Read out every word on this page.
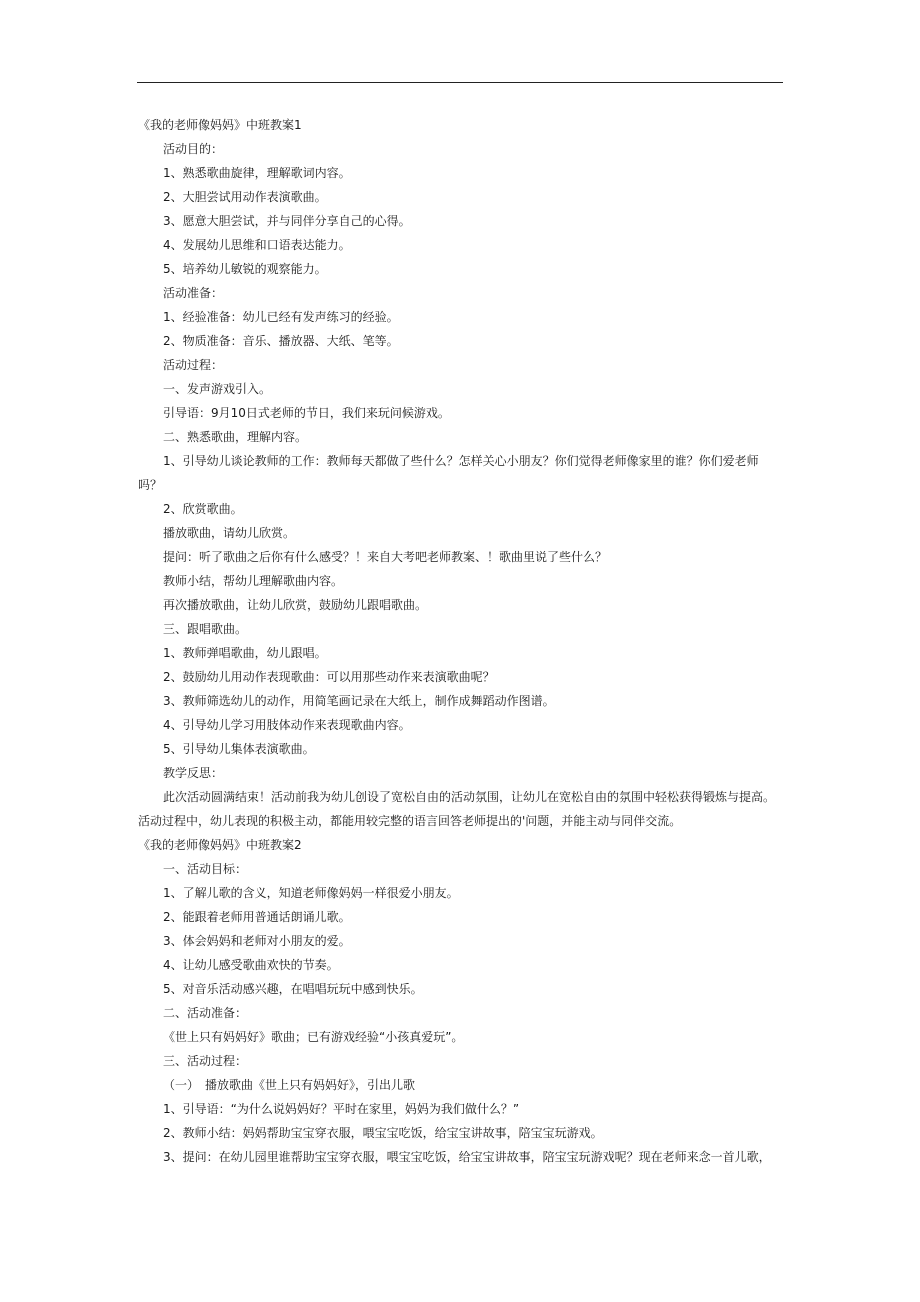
《我的老师像妈妈》中班教案1
活动目的：
1、熟悉歌曲旋律，理解歌词内容。
2、大胆尝试用动作表演歌曲。
3、愿意大胆尝试，并与同伴分享自己的心得。
4、发展幼儿思维和口语表达能力。
5、培养幼儿敏锐的观察能力。
活动准备：
1、经验准备：幼儿已经有发声练习的经验。
2、物质准备：音乐、播放器、大纸、笔等。
活动过程：
一、发声游戏引入。
引导语：9月10日式老师的节日，我们来玩问候游戏。
二、熟悉歌曲，理解内容。
1、引导幼儿谈论教师的工作：教师每天都做了些什么？怎样关心小朋友？你们觉得老师像家里的谁？你们爱老师
吗？
2、欣赏歌曲。
播放歌曲，请幼儿欣赏。
提问：听了歌曲之后你有什么感受？！来自大考吧老师教案、！歌曲里说了些什么？
教师小结，帮幼儿理解歌曲内容。
再次播放歌曲，让幼儿欣赏，鼓励幼儿跟唱歌曲。
三、跟唱歌曲。
1、教师弹唱歌曲，幼儿跟唱。
2、鼓励幼儿用动作表现歌曲：可以用那些动作来表演歌曲呢？
3、教师筛选幼儿的动作，用简笔画记录在大纸上，制作成舞蹈动作图谱。
4、引导幼儿学习用肢体动作来表现歌曲内容。
5、引导幼儿集体表演歌曲。
教学反思：
此次活动圆满结束！活动前我为幼儿创设了宽松自由的活动氛围，让幼儿在宽松自由的氛围中轻松获得锻炼与提高。
活动过程中，幼儿表现的积极主动，都能用较完整的语言回答老师提出的'问题，并能主动与同伴交流。
《我的老师像妈妈》中班教案2
一、活动目标：
1、了解儿歌的含义，知道老师像妈妈一样很爱小朋友。
2、能跟着老师用普通话朗诵儿歌。
3、体会妈妈和老师对小朋友的爱。
4、让幼儿感受歌曲欢快的节奏。
5、对音乐活动感兴趣，在唱唱玩玩中感到快乐。
二、活动准备：
《世上只有妈妈好》歌曲；已有游戏经验“小孩真爱玩”。
三、活动过程：
（一）　播放歌曲《世上只有妈妈好》，引出儿歌
1、引导语：“为什么说妈妈好？平时在家里，妈妈为我们做什么？”
2、教师小结：妈妈帮助宝宝穿衣服，喂宝宝吃饭，给宝宝讲故事，陪宝宝玩游戏。
3、提问：在幼儿园里谁帮助宝宝穿衣服，喂宝宝吃饭，给宝宝讲故事，陪宝宝玩游戏呢？现在老师来念一首儿歌，
